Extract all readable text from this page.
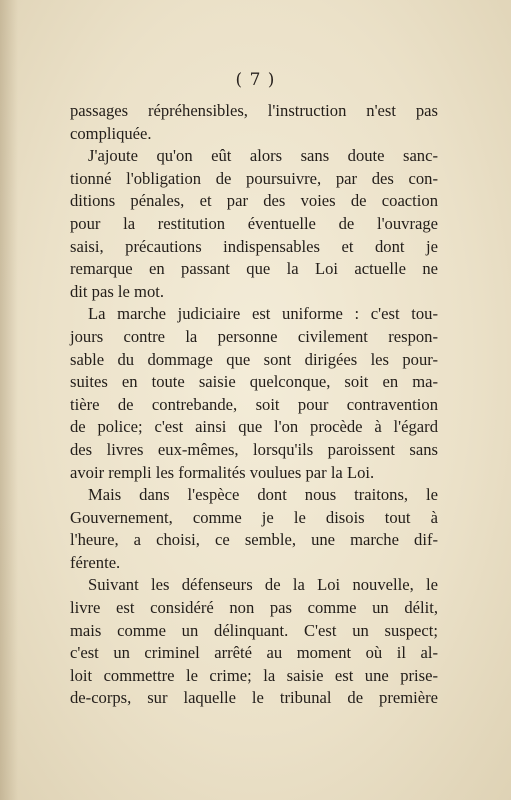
( 7 )
passages répréhensibles, l'instruction n'est pas
compliquée.
J'ajoute qu'on eût alors sans doute sanc-
tionné l'obligation de poursuivre, par des con-
ditions pénales, et par des voies de coaction
pour la restitution éventuelle de l'ouvrage
saisi, précautions indispensables et dont je
remarque en passant que la Loi actuelle ne
dit pas le mot.
La marche judiciaire est uniforme : c'est tou-
jours contre la personne civilement respon-
sable du dommage que sont dirigées les pour-
suites en toute saisie quelconque, soit en ma-
tière de contrebande, soit pour contravention
de police; c'est ainsi que l'on procède à l'égard
des livres eux-mêmes, lorsqu'ils paroissent sans
avoir rempli les formalités voulues par la Loi.
Mais dans l'espèce dont nous traitons, le
Gouvernement, comme je le disois tout à
l'heure, a choisi, ce semble, une marche dif-
férente.
Suivant les défenseurs de la Loi nouvelle, le
livre est considéré non pas comme un délit,
mais comme un délinquant. C'est un suspect;
c'est un criminel arrêté au moment où il al-
loit commettre le crime; la saisie est une prise-
de-corps, sur laquelle le tribunal de première
